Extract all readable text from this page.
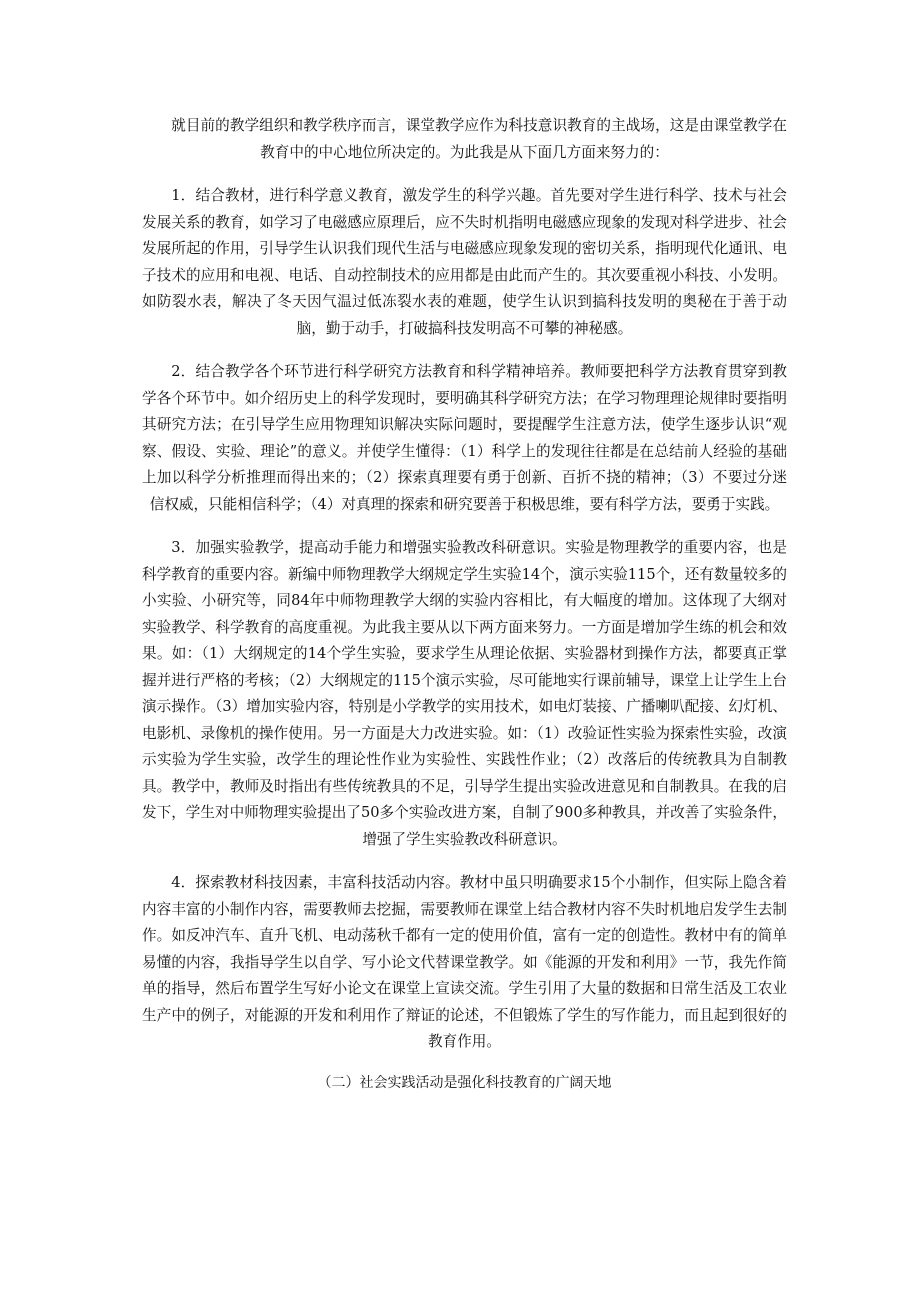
就目前的教学组织和教学秩序而言，课堂教学应作为科技意识教育的主战场，这是由课堂教学在教育中的中心地位所决定的。为此我是从下面几方面来努力的：

1．结合教材，进行科学意义教育，激发学生的科学兴趣。首先要对学生进行科学、技术与社会发展关系的教育，如学习了电磁感应原理后，应不失时机指明电磁感应现象的发现对科学进步、社会发展所起的作用，引导学生认识我们现代生活与电磁感应现象发现的密切关系，指明现代化通讯、电子技术的应用和电视、电话、自动控制技术的应用都是由此而产生的。其次要重视小科技、小发明。如防裂水表，解决了冬天因气温过低冻裂水表的难题，使学生认识到搞科技发明的奥秘在于善于动脑，勤于动手，打破搞科技发明高不可攀的神秘感。

2．结合教学各个环节进行科学研究方法教育和科学精神培养。教师要把科学方法教育贯穿到教学各个环节中。如介绍历史上的科学发现时，要明确其科学研究方法；在学习物理理论规律时要指明其研究方法；在引导学生应用物理知识解决实际问题时，要提醒学生注意方法，使学生逐步认识“观察、假设、实验、理论”的意义。并使学生懂得：（1）科学上的发现往往都是在总结前人经验的基础上加以科学分析推理而得出来的；（2）探索真理要有勇于创新、百折不挠的精神；（3）不要过分迷信权威，只能相信科学；（4）对真理的探索和研究要善于积极思维，要有科学方法，要勇于实践。

3．加强实验教学，提高动手能力和增强实验教改科研意识。实验是物理教学的重要内容，也是科学教育的重要内容。新编中师物理教学大纲规定学生实验14个，演示实验115个，还有数量较多的小实验、小研究等，同84年中师物理教学大纲的实验内容相比，有大幅度的增加。这体现了大纲对实验教学、科学教育的高度重视。为此我主要从以下两方面来努力。一方面是增加学生练的机会和效果。如：（1）大纲规定的14个学生实验，要求学生从理论依据、实验器材到操作方法，都要真正掌握并进行严格的考核；（2）大纲规定的115个演示实验，尽可能地实行课前辅导，课堂上让学生上台演示操作。（3）增加实验内容，特别是小学教学的实用技术，如电灯装接、广播喇叭配接、幻灯机、电影机、录像机的操作使用。另一方面是大力改进实验。如：（1）改验证性实验为探索性实验，改演示实验为学生实验，改学生的理论性作业为实验性、实践性作业；（2）改落后的传统教具为自制教具。教学中，教师及时指出有些传统教具的不足，引导学生提出实验改进意见和自制教具。在我的启发下，学生对中师物理实验提出了50多个实验改进方案，自制了900多种教具，并改善了实验条件，增强了学生实验教改科研意识。

4．探索教材科技因素，丰富科技活动内容。教材中虽只明确要求15个小制作，但实际上隐含着内容丰富的小制作内容，需要教师去挖掘，需要教师在课堂上结合教材内容不失时机地启发学生去制作。如反冲汽车、直升飞机、电动荡秋千都有一定的使用价值，富有一定的创造性。教材中有的简单易懂的内容，我指导学生以自学、写小论文代替课堂教学。如《能源的开发和利用》一节，我先作简单的指导，然后布置学生写好小论文在课堂上宣读交流。学生引用了大量的数据和日常生活及工农业生产中的例子，对能源的开发和利用作了辩证的论述，不但锻炼了学生的写作能力，而且起到很好的教育作用。

（二）社会实践活动是强化科技教育的广阔天地
